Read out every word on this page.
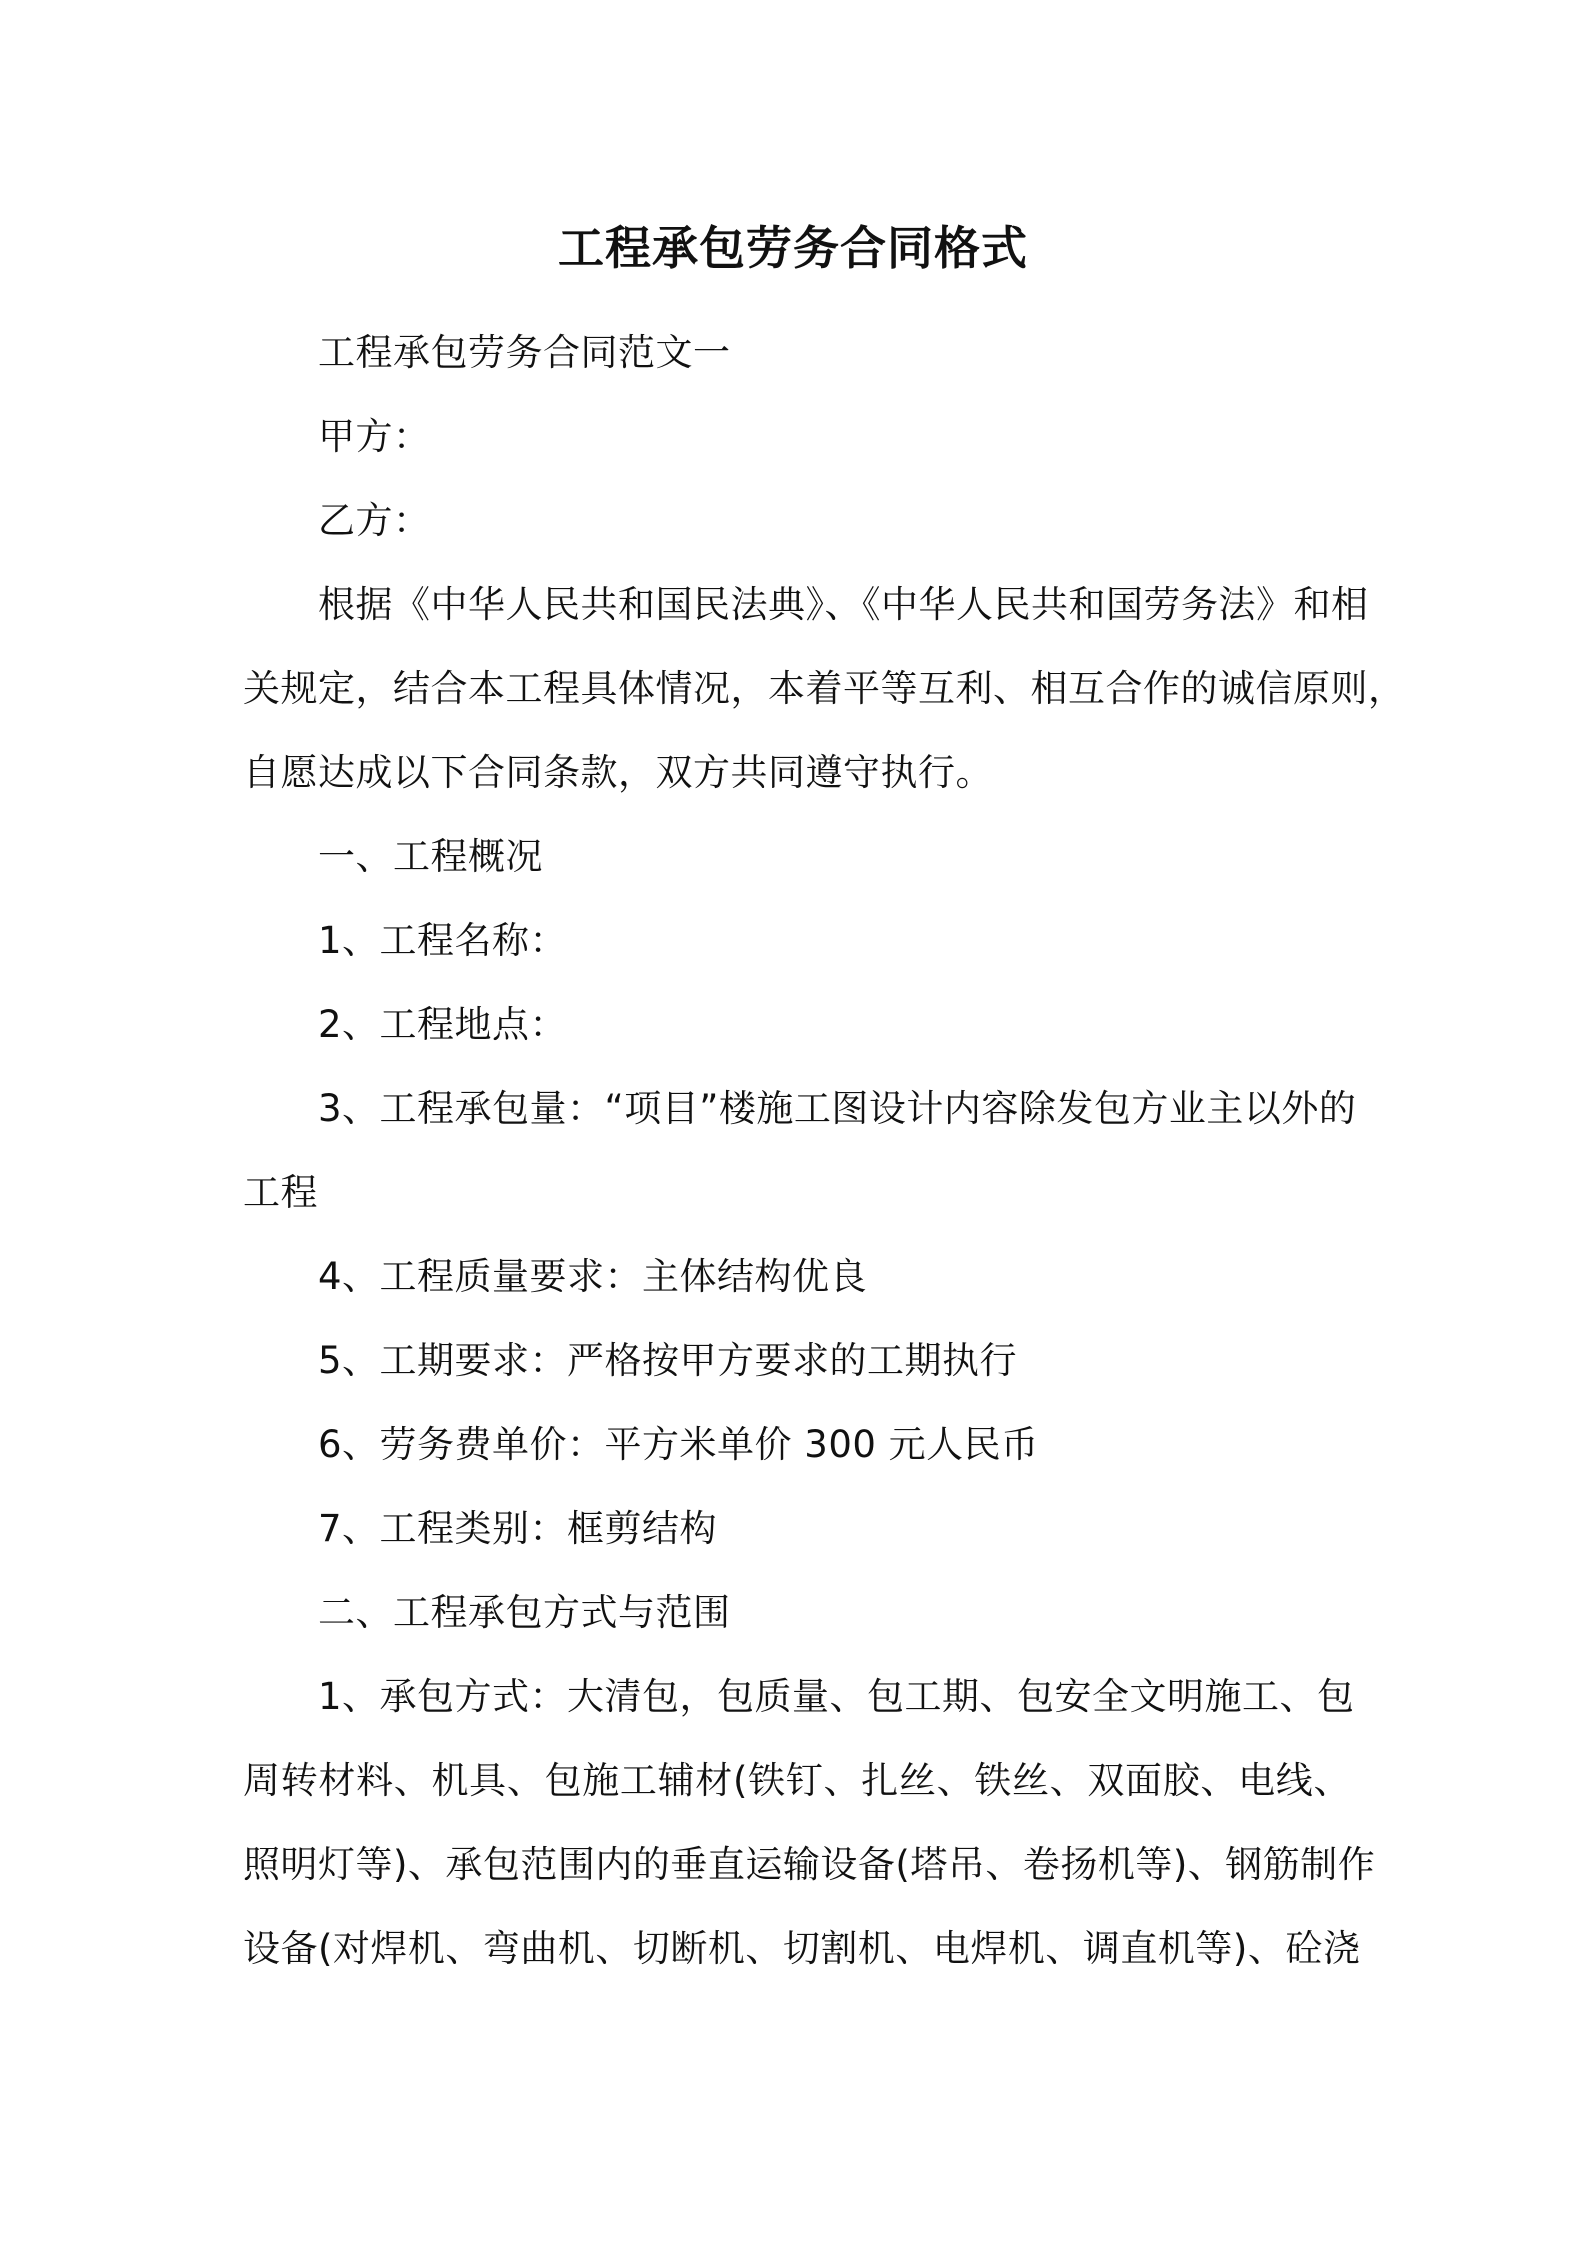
工程承包劳务合同格式
工程承包劳务合同范文一
甲方：
乙方：
根据《中华人民共和国民法典》、《中华人民共和国劳务法》和相
关规定，结合本工程具体情况，本着平等互利、相互合作的诚信原则，
自愿达成以下合同条款，双方共同遵守执行。
一、工程概况
1、工程名称：
2、工程地点：
3、工程承包量：“项目”楼施工图设计内容除发包方业主以外的
工程
4、工程质量要求：主体结构优良
5、工期要求：严格按甲方要求的工期执行
6、劳务费单价：平方米单价 300 元人民币
7、工程类别：框剪结构
二、工程承包方式与范围
1、承包方式：大清包，包质量、包工期、包安全文明施工、包
周转材料、机具、包施工辅材(铁钉、扎丝、铁丝、双面胶、电线、
照明灯等)、承包范围内的垂直运输设备(塔吊、卷扬机等)、钢筋制作
设备(对焊机、弯曲机、切断机、切割机、电焊机、调直机等)、砼浇
